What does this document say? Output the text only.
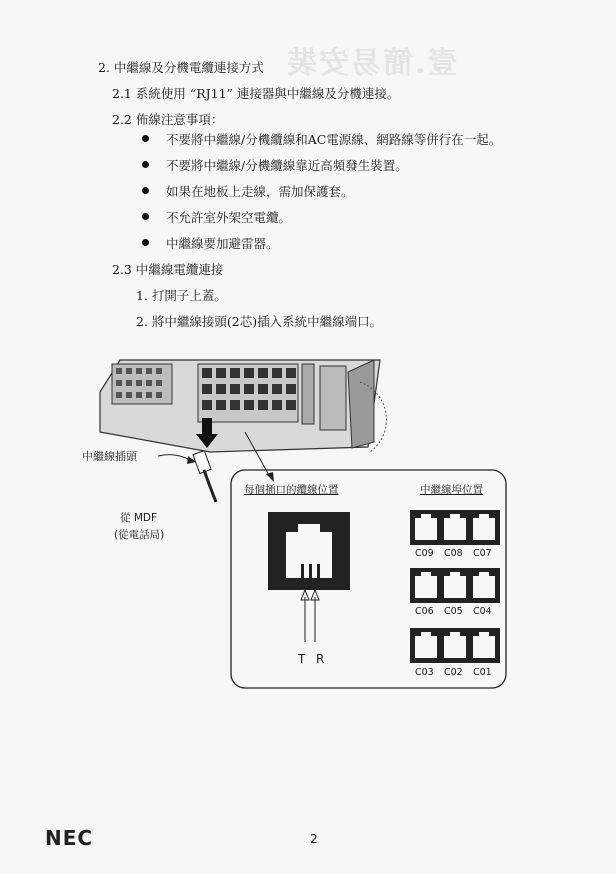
壹.簡易安裝
2. 中繼線及分機電纜連接方式
2.1 系統使用 “RJ11” 連接器與中繼線及分機連接。
2.2 佈線注意事項：
不要將中繼線/分機纜線和AC電源線、網路線等併行在一起。
不要將中繼線/分機纜線靠近高頻發生裝置。
如果在地板上走線，需加保護套。
不允許室外架空電纜。
中繼線要加避雷器。
2.3 中繼線電纜連接
1. 打開子上蓋。
2. 將中繼線接頭(2芯)插入系統中繼線端口。
中繼線插頭
從 MDF
(從電話局)
每個插口的纜線位置	中繼線埠位置
T R
C09 C08 C07
C06 C05 C04
C03 C02 C01
NEC	2
